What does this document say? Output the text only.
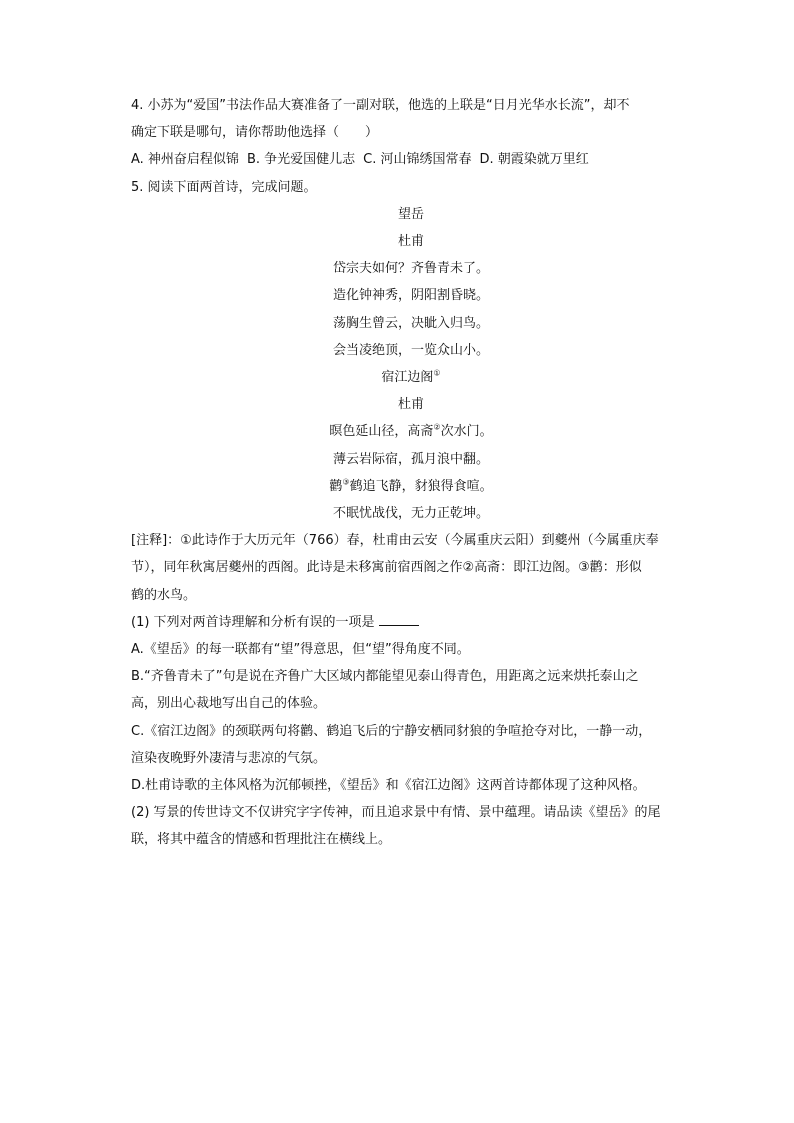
4. 小苏为“爱国”书法作品大赛准备了一副对联，他选的上联是“日月光华水长流”，却不
确定下联是哪句，请你帮助他选择（　　）
A. 神州奋启程似锦 B. 争光爱国健儿志 C. 河山锦绣国常春 D. 朝霞染就万里红
5. 阅读下面两首诗，完成问题。
望岳
杜甫
岱宗夫如何？齐鲁青未了。
造化钟神秀，阴阳割昏晓。
荡胸生曾云，决眦入归鸟。
会当凌绝顶，一览众山小。
宿江边阁①
杜甫
暝色延山径，高斋②次水门。
薄云岩际宿，孤月浪中翻。
鹳③鹤追飞静，豺狼得食喧。
不眠忧战伐，无力正乾坤。
[注释]：①此诗作于大历元年（766）春，杜甫由云安（今属重庆云阳）到夔州（今属重庆奉
节），同年秋寓居夔州的西阁。此诗是未移寓前宿西阁之作②高斋：即江边阁。③鹳：形似
鹤的水鸟。
(1) 下列对两首诗理解和分析有误的一项是
A.《望岳》的每一联都有“望”得意思，但“望”得角度不同。
B.“齐鲁青未了”句是说在齐鲁广大区域内都能望见泰山得青色，用距离之远来烘托泰山之
高，别出心裁地写出自己的体验。
C.《宿江边阁》的颈联两句将鹳、鹤追飞后的宁静安栖同豺狼的争喧抢夺对比，一静一动，
渲染夜晚野外凄清与悲凉的气氛。
D.杜甫诗歌的主体风格为沉郁顿挫，《望岳》和《宿江边阁》这两首诗都体现了这种风格。
(2) 写景的传世诗文不仅讲究字字传神，而且追求景中有情、景中蕴理。请品读《望岳》的尾
联，将其中蕴含的情感和哲理批注在横线上。
